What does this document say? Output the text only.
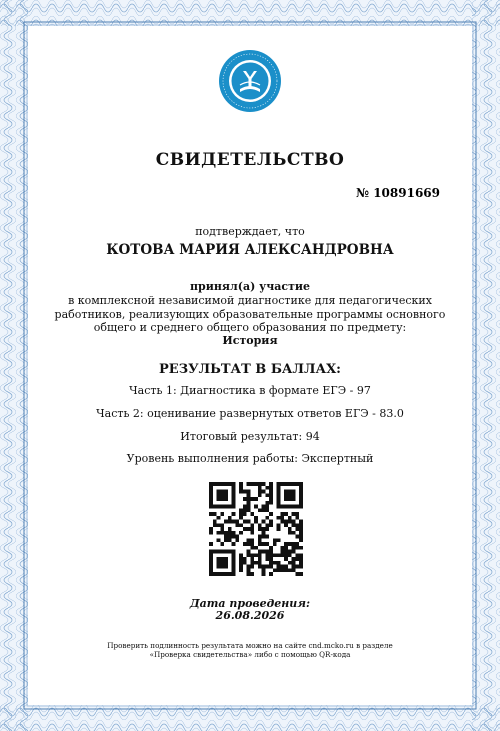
СВИДЕТЕЛЬСТВО
№ 10891669
подтверждает, что
КОТОВА МАРИЯ АЛЕКСАНДРОВНА
принял(а) участие
в комплексной независимой диагностике для педагогических
работников, реализующих образовательные программы основного
общего и среднего общего образования по предмету:
История
РЕЗУЛЬТАТ В БАЛЛАХ:
Часть 1: Диагностика в формате ЕГЭ - 97
Часть 2: оценивание развернутых ответов ЕГЭ - 83.0
Итоговый результат: 94
Уровень выполнения работы: Экспертный
Дата проведения:
26.08.2026
Проверить подлинность результата можно на сайте cnd.mcko.ru в разделе
«Проверка свидетельства» либо с помощью QR-кода
